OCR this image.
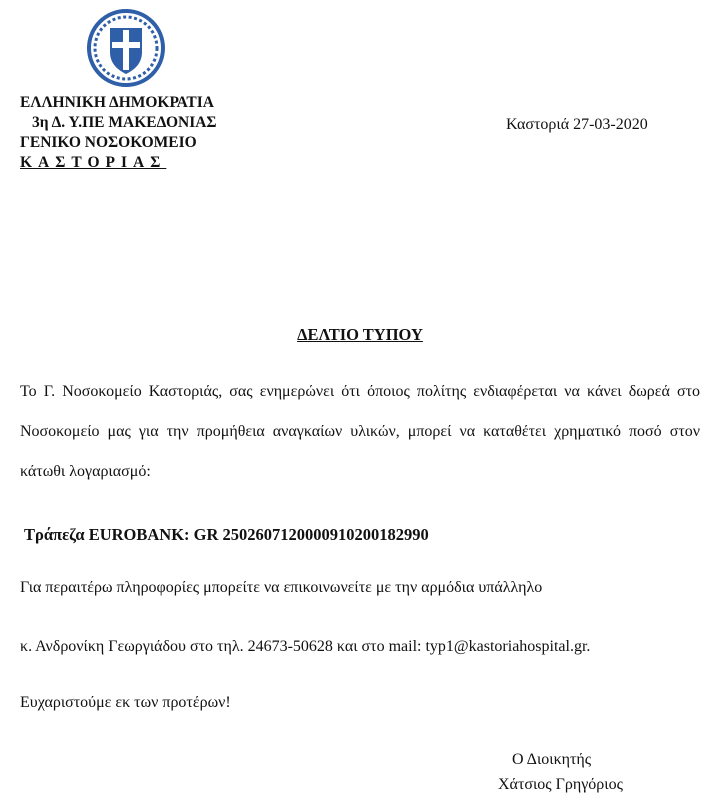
ΕΛΛΗΝΙΚΗ ΔΗΜΟΚΡΑΤΙΑ
3η Δ. Υ.ΠΕ ΜΑΚΕΔΟΝΙΑΣ
ΓΕΝΙΚΟ ΝΟΣΟΚΟΜΕΙΟ
ΚΑΣΤΟΡΙΑΣ
Καστοριά 27-03-2020
ΔΕΛΤΙΟ ΤΥΠΟΥ
Το Γ. Νοσοκομείο Καστοριάς, σας ενημερώνει ότι όποιος πολίτης ενδιαφέρεται να κάνει δωρεά στο Νοσοκομείο μας για την προμήθεια αναγκαίων υλικών, μπορεί να καταθέτει χρηματικό ποσό στον κάτωθι λογαριασμό:
Τράπεζα EUROBANK: GR 2502607120000910200182990
Για περαιτέρω πληροφορίες μπορείτε να επικοινωνείτε με την αρμόδια υπάλληλο
κ. Ανδρονίκη Γεωργιάδου στο τηλ. 24673-50628 και στο mail: typ1@kastoriahospital.gr.
Ευχαριστούμε εκ των προτέρων!
Ο Διοικητής
Χάτσιος Γρηγόριος
